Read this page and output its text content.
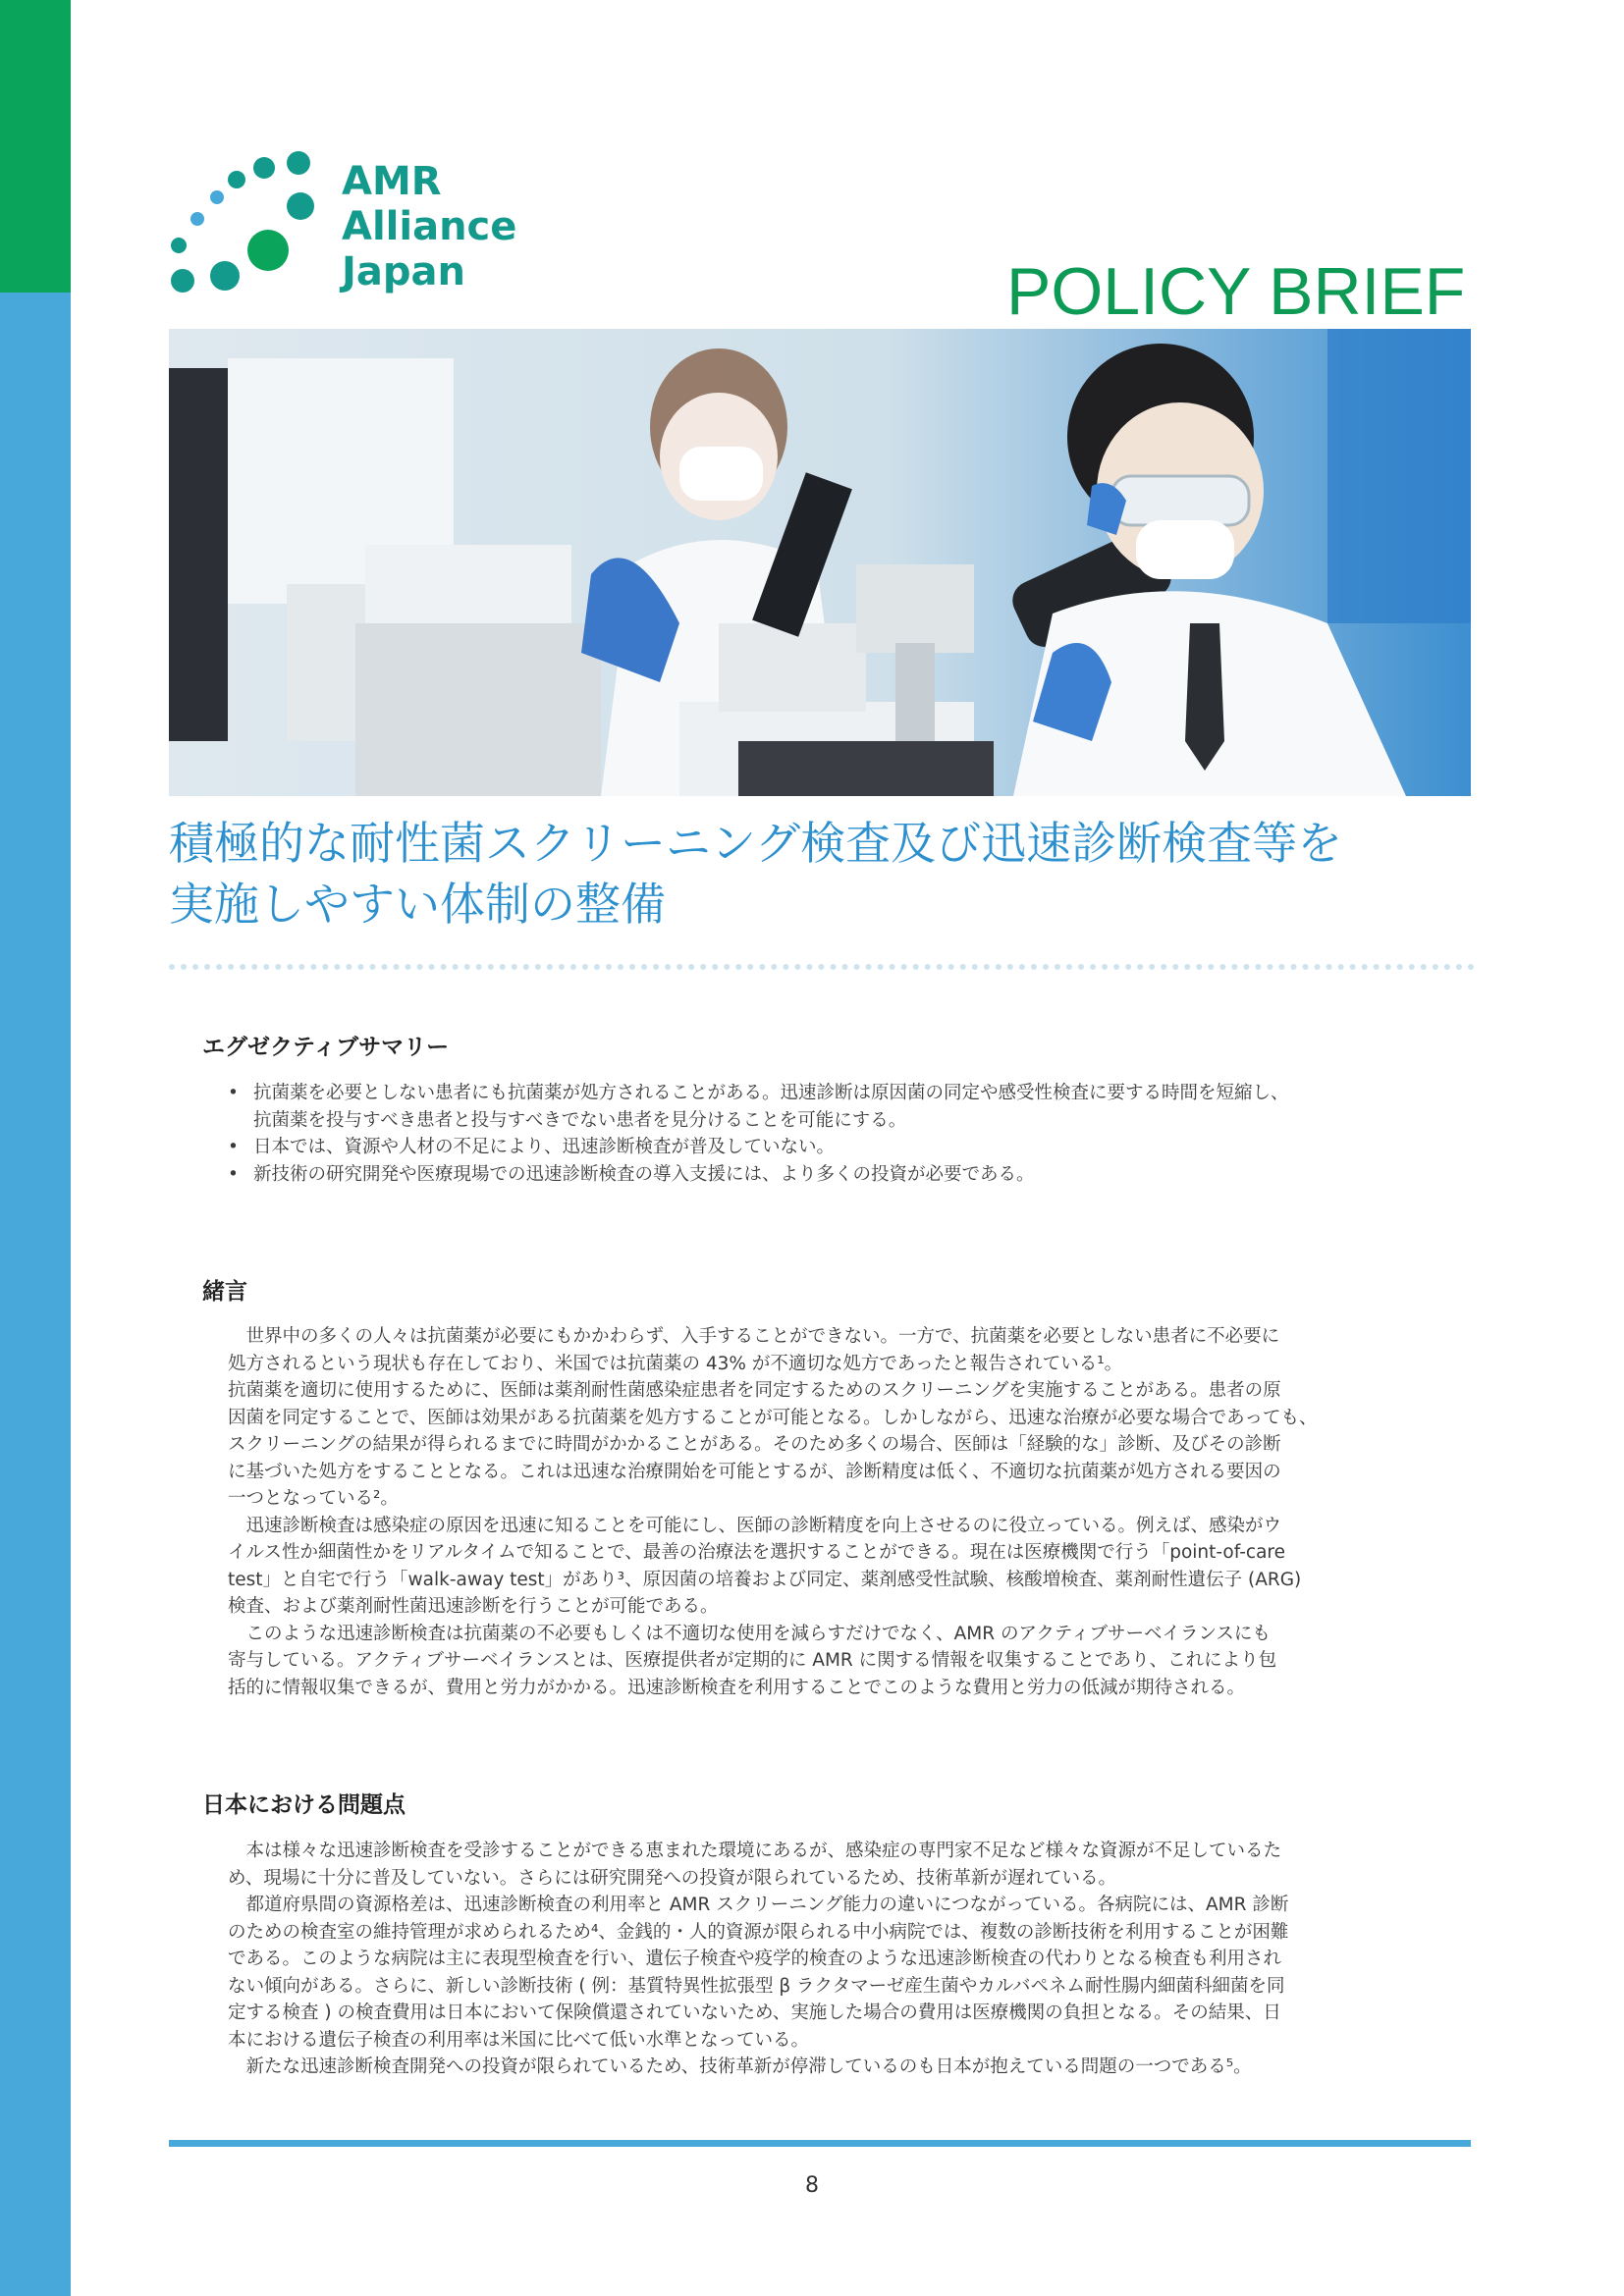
AMR
Alliance
Japan	POLICY BRIEF
積極的な耐性菌スクリーニング検査及び迅速診断検査等を
実施しやすい体制の整備
エグゼクティブサマリー
• 抗菌薬を必要としない患者にも抗菌薬が処方されることがある。迅速診断は原因菌の同定や感受性検査に要する時間を短縮し、
抗菌薬を投与すべき患者と投与すべきでない患者を見分けることを可能にする。
• 日本では、資源や人材の不足により、迅速診断検査が普及していない。
• 新技術の研究開発や医療現場での迅速診断検査の導入支援には、より多くの投資が必要である。
緒言
　世界中の多くの人々は抗菌薬が必要にもかかわらず、入手することができない。一方で、抗菌薬を必要としない患者に不必要に
処方されるという現状も存在しており、米国では抗菌薬の 43% が不適切な処方であったと報告されている¹。
抗菌薬を適切に使用するために、医師は薬剤耐性菌感染症患者を同定するためのスクリーニングを実施することがある。患者の原
因菌を同定することで、医師は効果がある抗菌薬を処方することが可能となる。しかしながら、迅速な治療が必要な場合であっても、
スクリーニングの結果が得られるまでに時間がかかることがある。そのため多くの場合、医師は「経験的な」診断、及びその診断
に基づいた処方をすることとなる。これは迅速な治療開始を可能とするが、診断精度は低く、不適切な抗菌薬が処方される要因の
一つとなっている²。
　迅速診断検査は感染症の原因を迅速に知ることを可能にし、医師の診断精度を向上させるのに役立っている。例えば、感染がウ
イルス性か細菌性かをリアルタイムで知ることで、最善の治療法を選択することができる。現在は医療機関で行う「point-of-care
test」と自宅で行う「walk-away test」があり³、原因菌の培養および同定、薬剤感受性試験、核酸増検査、薬剤耐性遺伝子 (ARG)
検査、および薬剤耐性菌迅速診断を行うことが可能である。
　このような迅速診断検査は抗菌薬の不必要もしくは不適切な使用を減らすだけでなく、AMR のアクティブサーベイランスにも
寄与している。アクティブサーベイランスとは、医療提供者が定期的に AMR に関する情報を収集することであり、これにより包
括的に情報収集できるが、費用と労力がかかる。迅速診断検査を利用することでこのような費用と労力の低減が期待される。
日本における問題点
　本は様々な迅速診断検査を受診することができる恵まれた環境にあるが、感染症の専門家不足など様々な資源が不足しているた
め、現場に十分に普及していない。さらには研究開発への投資が限られているため、技術革新が遅れている。
　都道府県間の資源格差は、迅速診断検査の利用率と AMR スクリーニング能力の違いにつながっている。各病院には、AMR 診断
のための検査室の維持管理が求められるため⁴、金銭的・人的資源が限られる中小病院では、複数の診断技術を利用することが困難
である。このような病院は主に表現型検査を行い、遺伝子検査や疫学的検査のような迅速診断検査の代わりとなる検査も利用され
ない傾向がある。さらに、新しい診断技術 ( 例：基質特異性拡張型 β ラクタマーゼ産生菌やカルバペネム耐性腸内細菌科細菌を同
定する検査 ) の検査費用は日本において保険償還されていないため、実施した場合の費用は医療機関の負担となる。その結果、日
本における遺伝子検査の利用率は米国に比べて低い水準となっている。
　新たな迅速診断検査開発への投資が限られているため、技術革新が停滞しているのも日本が抱えている問題の一つである⁵。
8
